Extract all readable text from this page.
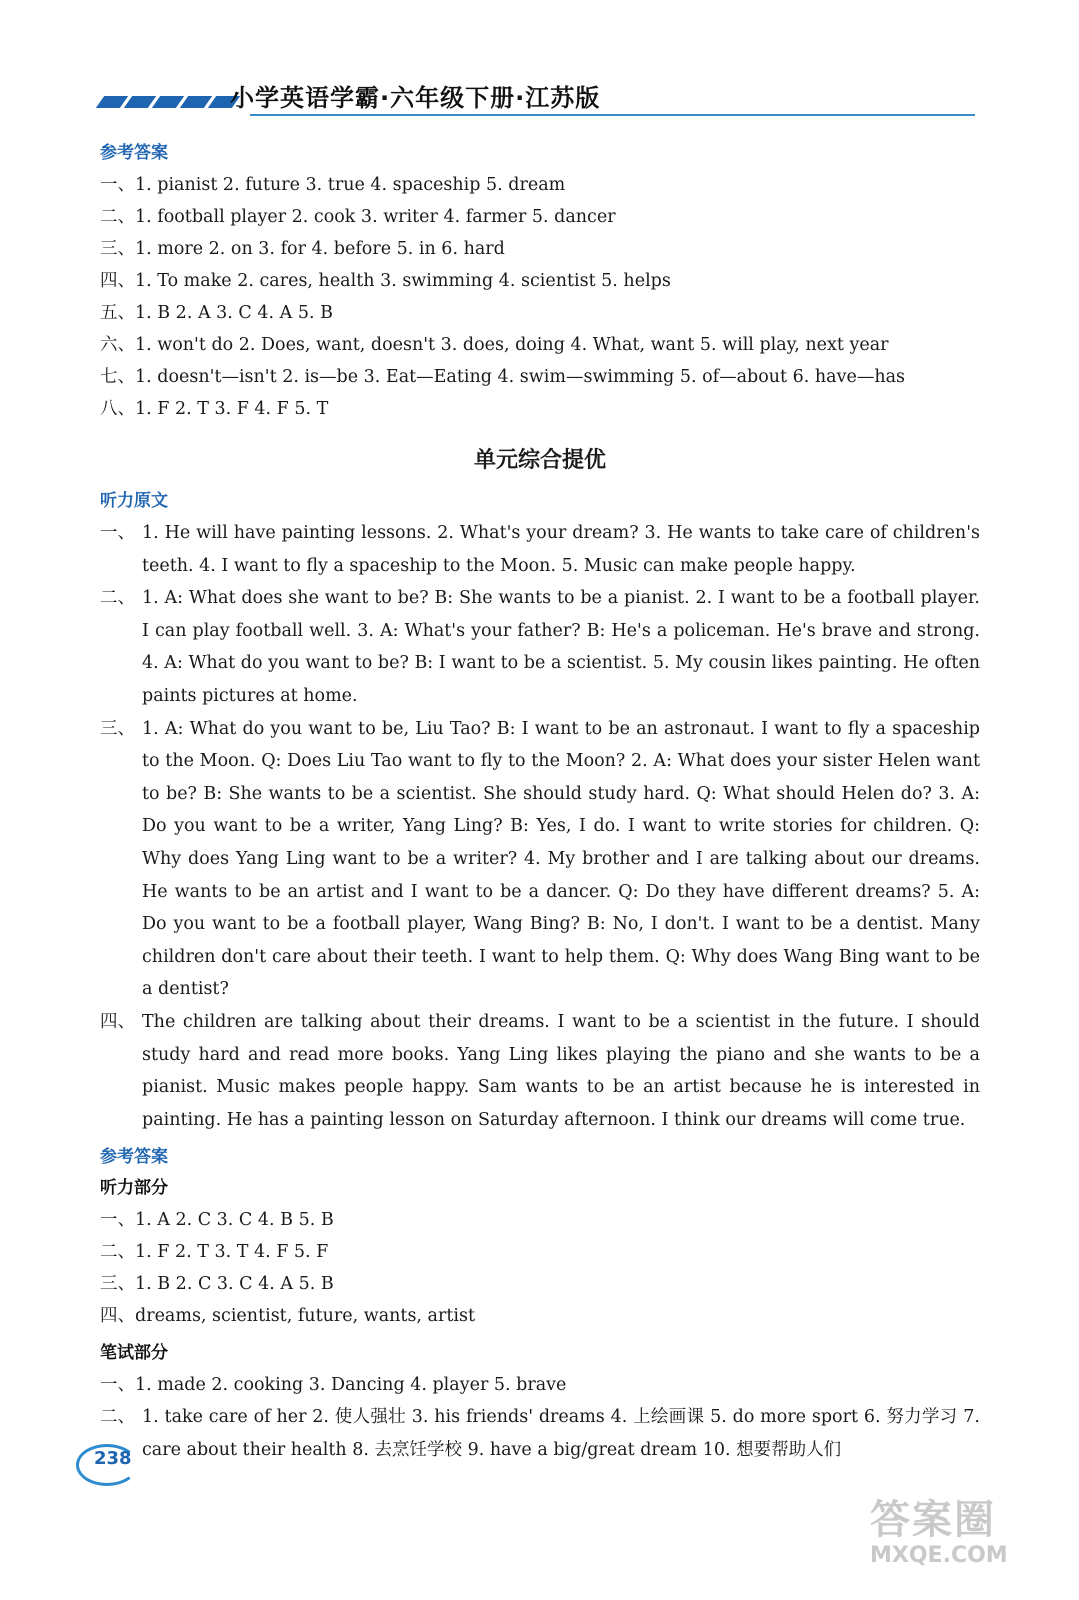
小学英语学霸·六年级下册·江苏版
参考答案
一、1. pianist 2. future 3. true 4. spaceship 5. dream
二、1. football player 2. cook 3. writer 4. farmer 5. dancer
三、1. more 2. on 3. for 4. before 5. in 6. hard
四、1. To make 2. cares, health 3. swimming 4. scientist 5. helps
五、1. B 2. A 3. C 4. A 5. B
六、1. won't do 2. Does, want, doesn't 3. does, doing 4. What, want 5. will play, next year
七、1. doesn't—isn't 2. is—be 3. Eat—Eating 4. swim—swimming 5. of—about 6. have—has
八、1. F 2. T 3. F 4. F 5. T
单元综合提优
听力原文
一、 1. He will have painting lessons. 2. What's your dream? 3. He wants to take care of children's teeth. 4. I want to fly a spaceship to the Moon. 5. Music can make people happy.
二、 1. A: What does she want to be? B: She wants to be a pianist. 2. I want to be a football player. I can play football well. 3. A: What's your father? B: He's a policeman. He's brave and strong. 4. A: What do you want to be? B: I want to be a scientist. 5. My cousin likes painting. He often paints pictures at home.
三、 1. A: What do you want to be, Liu Tao? B: I want to be an astronaut. I want to fly a spaceship to the Moon. Q: Does Liu Tao want to fly to the Moon? 2. A: What does your sister Helen want to be? B: She wants to be a scientist. She should study hard. Q: What should Helen do? 3. A: Do you want to be a writer, Yang Ling? B: Yes, I do. I want to write stories for children. Q: Why does Yang Ling want to be a writer? 4. My brother and I are talking about our dreams. He wants to be an artist and I want to be a dancer. Q: Do they have different dreams? 5. A: Do you want to be a football player, Wang Bing? B: No, I don't. I want to be a dentist. Many children don't care about their teeth. I want to help them. Q: Why does Wang Bing want to be a dentist?
四、 The children are talking about their dreams. I want to be a scientist in the future. I should study hard and read more books. Yang Ling likes playing the piano and she wants to be a pianist. Music makes people happy. Sam wants to be an artist because he is interested in painting. He has a painting lesson on Saturday afternoon. I think our dreams will come true.
参考答案
听力部分
一、1. A 2. C 3. C 4. B 5. B
二、1. F 2. T 3. T 4. F 5. F
三、1. B 2. C 3. C 4. A 5. B
四、dreams, scientist, future, wants, artist
笔试部分
一、1. made 2. cooking 3. Dancing 4. player 5. brave
二、 1. take care of her 2. 使人强壮 3. his friends' dreams 4. 上绘画课 5. do more sport 6. 努力学习 7. care about their health 8. 去烹饪学校 9. have a big/great dream 10. 想要帮助人们
238
答案圈
MXQE.COM
